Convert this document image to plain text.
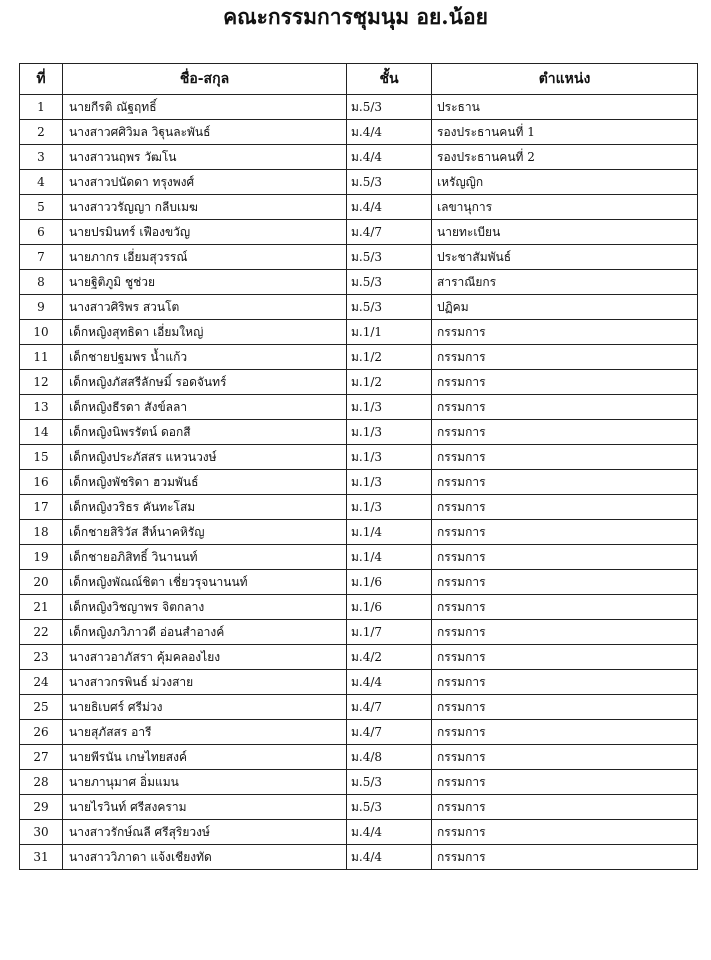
คณะกรรมการชุมนุม อย.น้อย
ที่	ชื่อ-สกุล	ชั้น	ตำแหน่ง
1	นายกีรติ ณัฐฤทธิ์	ม.5/3	ประธาน
2	นางสาวศศิวิมล วิฐุนละพันธ์	ม.4/4	รองประธานคนที่ 1
3	นางสาวนฤพร วัฒโน	ม.4/4	รองประธานคนที่ 2
4	นางสาวปนัดดา ทรุงพงศ์	ม.5/3	เหรัญญิก
5	นางสาววรัญญา กลีบเมฆ	ม.4/4	เลขานุการ
6	นายปรมินทร์ เฟืองขวัญ	ม.4/7	นายทะเบียน
7	นายภากร เอี่ยมสุวรรณ์	ม.5/3	ประชาสัมพันธ์
8	นายฐิติภูมิ ชูช่วย	ม.5/3	สาราณียกร
9	นางสาวศิริพร สวนโต	ม.5/3	ปฏิคม
10	เด็กหญิงสุทธิดา เอี่ยมใหญ่	ม.1/1	กรรมการ
11	เด็กชายปฐมพร น้ำแก้ว	ม.1/2	กรรมการ
12	เด็กหญิงภัสสรีลักษมิ์ รอดจันทร์	ม.1/2	กรรมการ
13	เด็กหญิงธีรดา สังข์ลลา	ม.1/3	กรรมการ
14	เด็กหญิงนิพรรัตน์ ดอกสี	ม.1/3	กรรมการ
15	เด็กหญิงประภัสสร แหวนวงษ์	ม.1/3	กรรมการ
16	เด็กหญิงพัชริดา ฮวมพันธ์	ม.1/3	กรรมการ
17	เด็กหญิงวริธร คันทะโสม	ม.1/3	กรรมการ
18	เด็กชายสิริวัส สีห์นาคหิรัญ	ม.1/4	กรรมการ
19	เด็กชายอภิสิทธิ์ วินานนท์	ม.1/4	กรรมการ
20	เด็กหญิงพัณณ์ชิตา เชี่ยวรุจนานนท์	ม.1/6	กรรมการ
21	เด็กหญิงวิชญาพร จิตกลาง	ม.1/6	กรรมการ
22	เด็กหญิงภวิภาวดี อ่อนสำอางค์	ม.1/7	กรรมการ
23	นางสาวอาภัสรา คุ้มคลองไยง	ม.4/2	กรรมการ
24	นางสาวกรพินธ์ ม่วงสาย	ม.4/4	กรรมการ
25	นายธิเบศร์ ศรีม่วง	ม.4/7	กรรมการ
26	นายสุภัสสร อารี	ม.4/7	กรรมการ
27	นายพีรนัน เกษไทยสงค์	ม.4/8	กรรมการ
28	นายภานุมาศ อิ่มแมน	ม.5/3	กรรมการ
29	นายไรวินท์ ศรีสงคราม	ม.5/3	กรรมการ
30	นางสาวรักษ์ณลี ศรีสุริยวงษ์	ม.4/4	กรรมการ
31	นางสาววิภาดา แจ้งเชียงทัด	ม.4/4	กรรมการ
